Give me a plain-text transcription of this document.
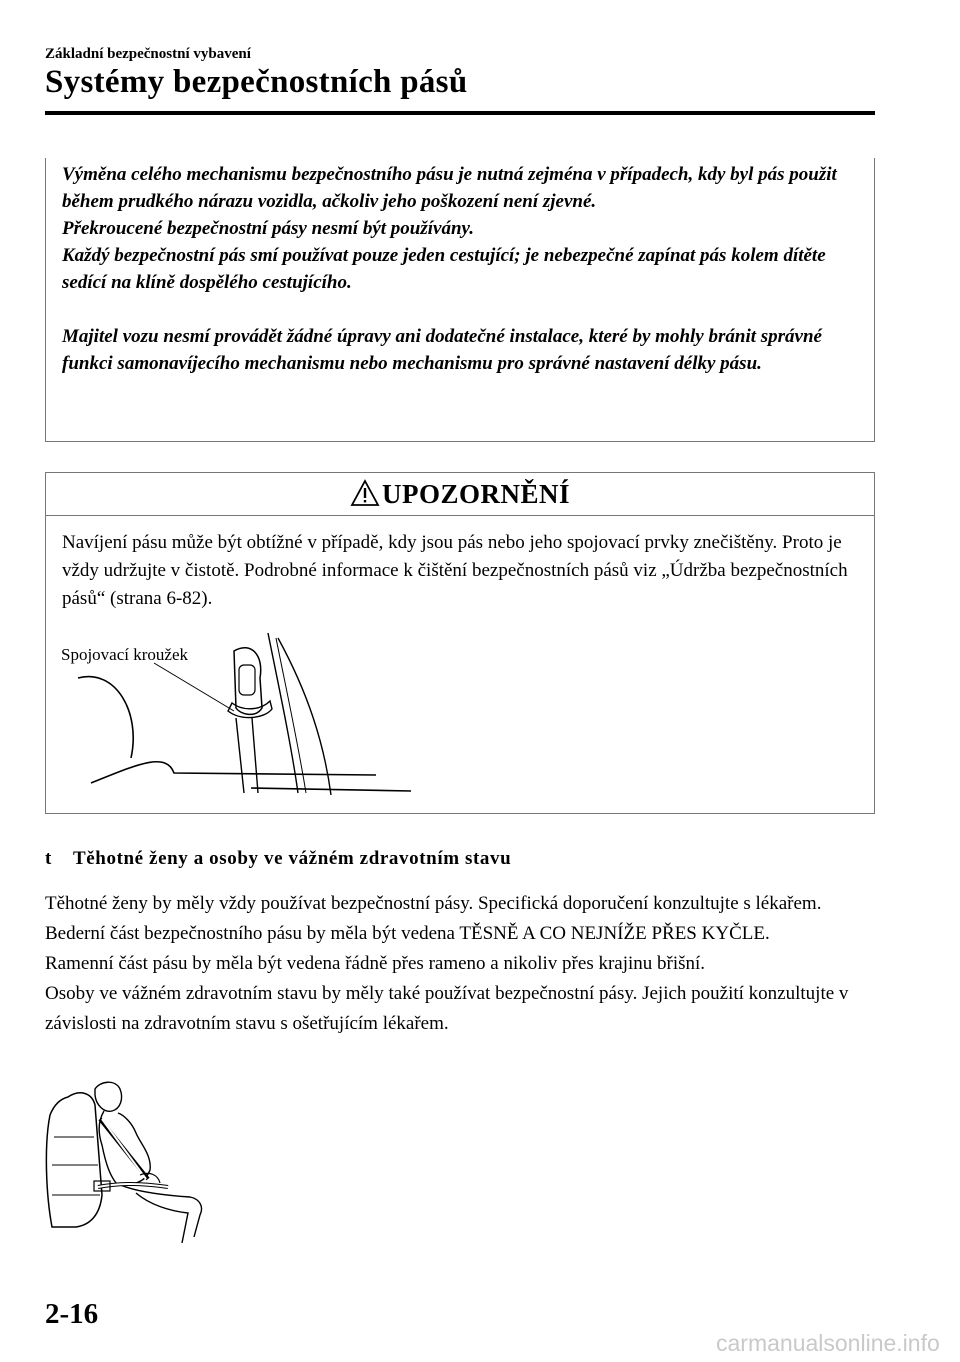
Základní bezpečnostní vybavení
Systémy bezpečnostních pásů

Výměna celého mechanismu bezpečnostního pásu je nutná zejména v případech, kdy byl pás použit během prudkého nárazu vozidla, ačkoliv jeho poškození není zjevné.

Překroucené bezpečnostní pásy nesmí být používány.

Každý bezpečnostní pás smí používat pouze jeden cestující; je nebezpečné zapínat pás kolem dítěte sedící na klíně dospělého cestujícího.

Majitel vozu nesmí provádět žádné úpravy ani dodatečné instalace, které by mohly bránit správné funkci samonavíjecího mechanismu nebo mechanismu pro správné nastavení délky pásu.

UPOZORNĚNÍ
Navíjení pásu může být obtížné v případě, kdy jsou pás nebo jeho spojovací prvky znečištěny. Proto je vždy udržujte v čistotě. Podrobné informace k čištění bezpečnostních pásů viz „Údržba bezpečnostních pásů“ (strana 6-82).
Spojovací kroužek
t Těhotné ženy a osoby ve vážném zdravotním stavu

Těhotné ženy by měly vždy používat bezpečnostní pásy. Specifická doporučení konzultujte s lékařem.

Bederní část bezpečnostního pásu by měla být vedena TĚSNĚ A CO NEJNÍŽE PŘES KYČLE.

Ramenní část pásu by měla být vedena řádně přes rameno a nikoliv přes krajinu břišní.

Osoby ve vážném zdravotním stavu by měly také používat bezpečnostní pásy. Jejich použití konzultujte v závislosti na zdravotním stavu s ošetřujícím lékařem.

2-16
carmanualsonline.info
